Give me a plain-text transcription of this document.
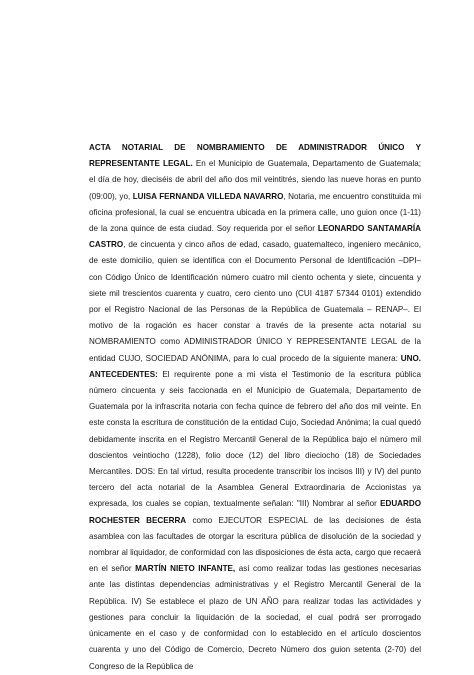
ACTA NOTARIAL DE NOMBRAMIENTO DE ADMINISTRADOR ÚNICO Y REPRESENTANTE LEGAL. En el Municipio de Guatemala, Departamento de Guatemala; el día de hoy, dieciséis de abril del año dos mil veintitrés, siendo las nueve horas en punto (09:00), yo, LUISA FERNANDA VILLEDA NAVARRO, Notaria, me encuentro constituida mi oficina profesional, la cual se encuentra ubicada en la primera calle, uno guion once (1-11) de la zona quince de esta ciudad. Soy requerida por el señor LEONARDO SANTAMARÍA CASTRO, de cincuenta y cinco años de edad, casado, guatemalteco, ingeniero mecánico, de este domicilio, quien se identifica con el Documento Personal de Identificación –DPI– con Código Único de Identificación número cuatro mil ciento ochenta y siete, cincuenta y siete mil trescientos cuarenta y cuatro, cero ciento uno (CUI 4187 57344 0101) extendido por el Registro Nacional de las Personas de la República de Guatemala – RENAP–. El motivo de la rogación es hacer constar a través de la presente acta notarial su NOMBRAMIENTO como ADMINISTRADOR ÚNICO Y REPRESENTANTE LEGAL de la entidad CUJO, SOCIEDAD ANÓNIMA, para lo cual procedo de la siguiente manera: UNO. ANTECEDENTES: El requirente pone a mi vista el Testimonio de la escritura pública número cincuenta y seis faccionada en el Municipio de Guatemala, Departamento de Guatemala por la infrascrita notaria con fecha quince de febrero del año dos mil veinte. En este consta la escritura de constitución de la entidad Cujo, Sociedad Anónima; la cual quedó debidamente inscrita en el Registro Mercantil General de la República bajo el número mil doscientos veintiocho (1228), folio doce (12) del libro dieciocho (18) de Sociedades Mercantiles. DOS: En tal virtud, resulta procedente transcribir los incisos III) y IV) del punto tercero del acta notarial de la Asamblea General Extraordinaria de Accionistas ya expresada, los cuales se copian, textualmente señalan: "III) Nombrar al señor EDUARDO ROCHESTER BECERRA como EJECUTOR ESPECIAL de las decisiones de ésta asamblea con las facultades de otorgar la escritura pública de disolución de la sociedad y nombrar al liquidador, de conformidad con las disposiciones de ésta acta, cargo que recaerá en el señor MARTÍN NIETO INFANTE, así como realizar todas las gestiones necesarias ante las distintas dependencias administrativas y el Registro Mercantil General de la República. IV) Se establece el plazo de UN AÑO para realizar todas las actividades y gestiones para concluir la liquidación de la sociedad, el cual podrá ser prorrogado únicamente en el caso y de conformidad con lo establecido en el artículo doscientos cuarenta y uno del Código de Comercio, Decreto Número dos guion setenta (2-70) del Congreso de la República de
